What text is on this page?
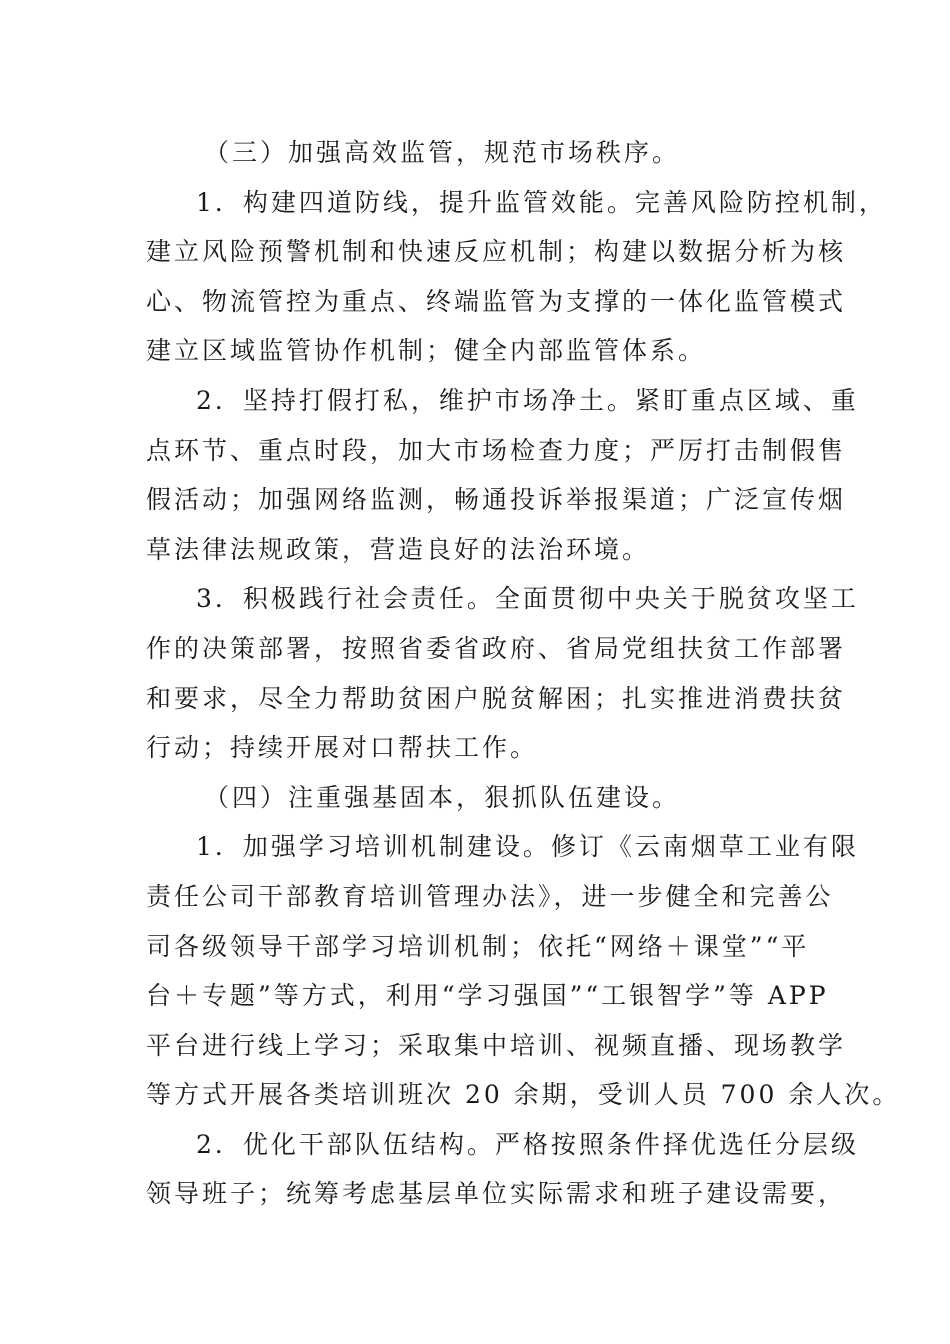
（三）加强高效监管，规范市场秩序。

1．构建四道防线，提升监管效能。完善风险防控机制，
建立风险预警机制和快速反应机制；构建以数据分析为核
心、物流管控为重点、终端监管为支撑的一体化监管模式
建立区域监管协作机制；健全内部监管体系。

2．坚持打假打私，维护市场净土。紧盯重点区域、重
点环节、重点时段，加大市场检查力度；严厉打击制假售
假活动；加强网络监测，畅通投诉举报渠道；广泛宣传烟
草法律法规政策，营造良好的法治环境。

3．积极践行社会责任。全面贯彻中央关于脱贫攻坚工
作的决策部署，按照省委省政府、省局党组扶贫工作部署
和要求，尽全力帮助贫困户脱贫解困；扎实推进消费扶贫
行动；持续开展对口帮扶工作。

（四）注重强基固本，狠抓队伍建设。

1．加强学习培训机制建设。修订《云南烟草工业有限
责任公司干部教育培训管理办法》，进一步健全和完善公
司各级领导干部学习培训机制；依托“网络＋课堂”“平
台＋专题”等方式，利用“学习强国”“工银智学”等 APP
平台进行线上学习；采取集中培训、视频直播、现场教学
等方式开展各类培训班次 20 余期，受训人员 700 余人次。

2．优化干部队伍结构。严格按照条件择优选任分层级
领导班子；统筹考虑基层单位实际需求和班子建设需要，
